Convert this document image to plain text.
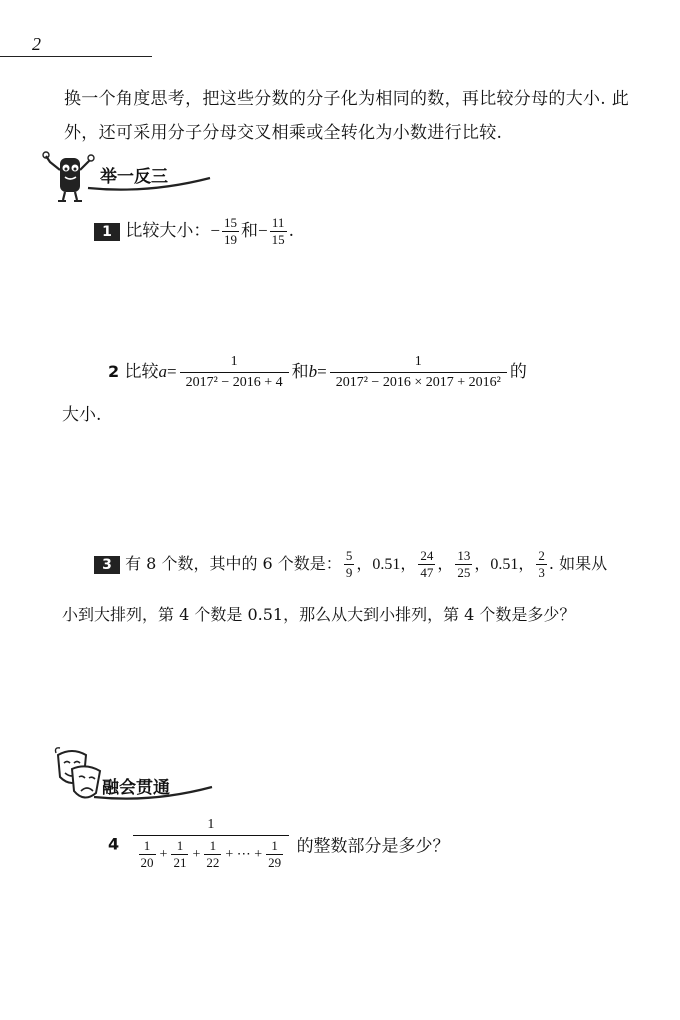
2
换一个角度思考，把这些分数的分子化为相同的数，再比较分母的大小. 此
外，还可采用分子分母交叉相乘或全转化为小数进行比较.
举一反三
1 比较大小：− $\frac{15}{19}$ 和− $\frac{11}{15}$ .
2 比较$a= \frac{1}{\text{2017² − 2016 + 4}}$ 和$b= \frac{1}{\text{2017² − 2016 × 2017 + 2016²}}$ 的
大小.
3 有 8 个数，其中的 6 个数是： $\frac{5}{9}$ ，0.51， $\frac{24}{47}$ ， $\frac{13}{25}$ ，0.51， $\frac{2}{3}$ . 如果从
小到大排列，第 4 个数是 0.51，那么从大到小排列，第 4 个数是多少？
融会贯通
4
1
$\frac{1}{20} + \frac{1}{21} + \frac{1}{22}$ + ⋯ + $\frac{1}{29}$ 的整数部分是多少？
